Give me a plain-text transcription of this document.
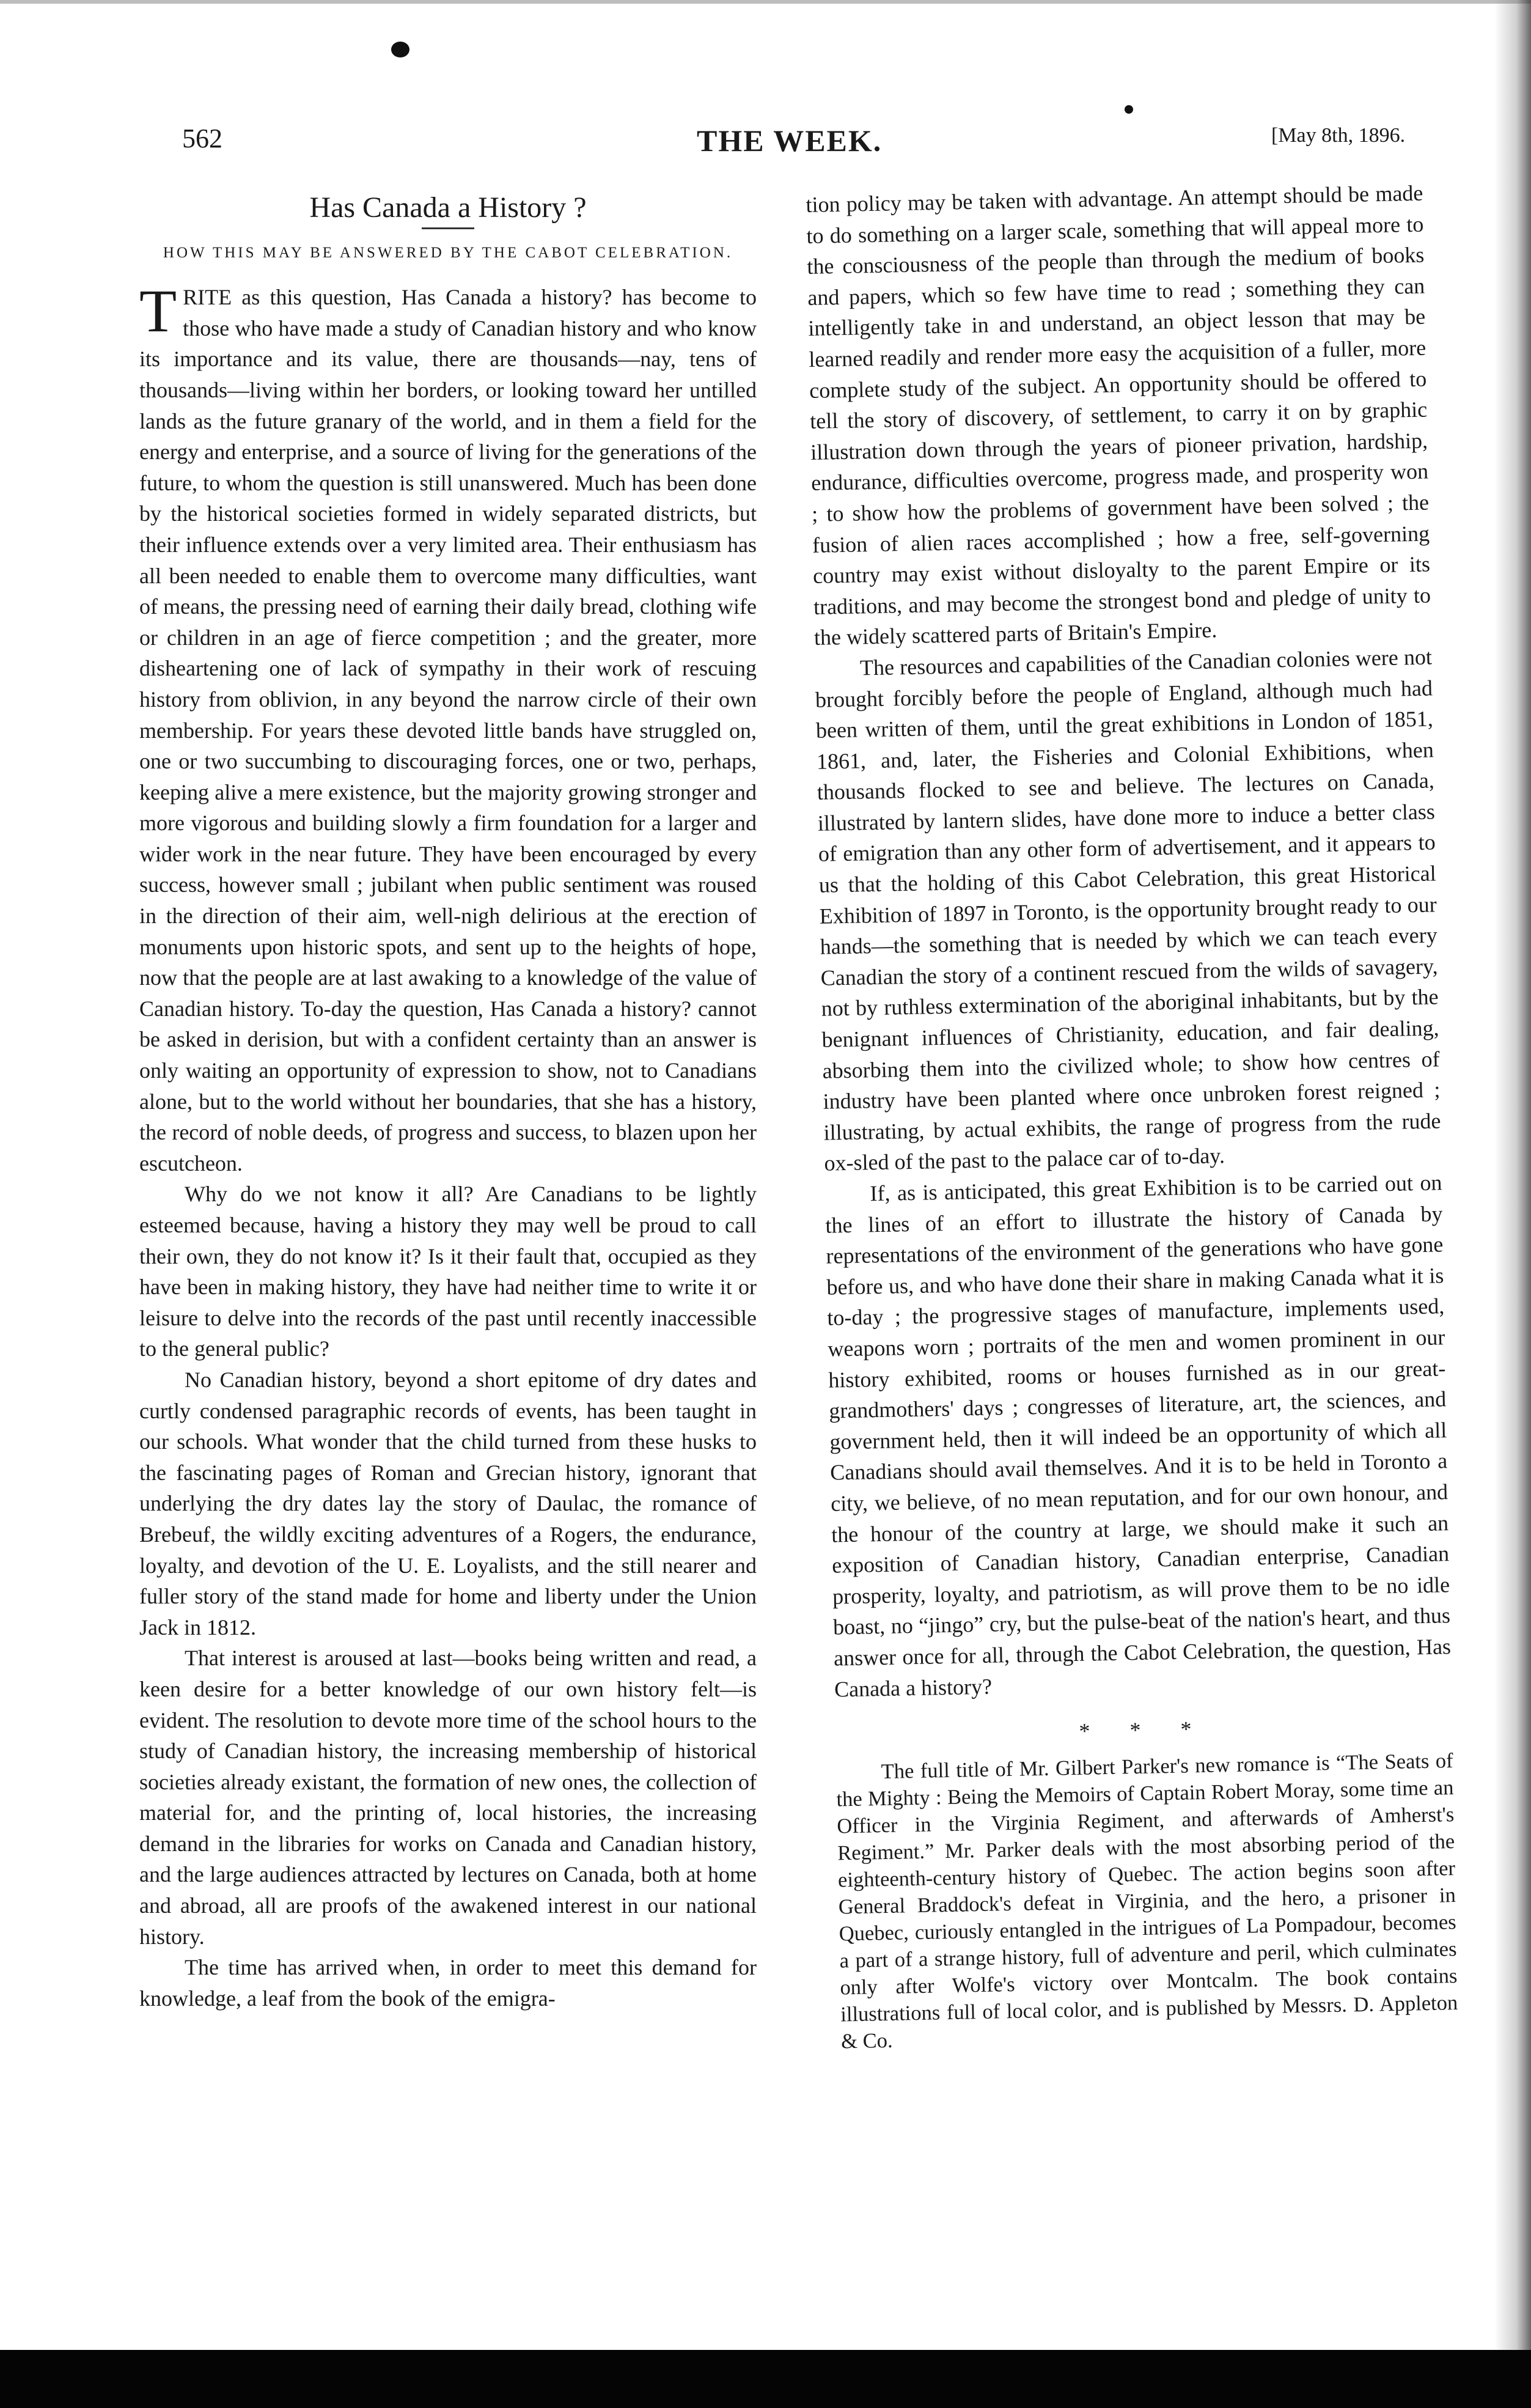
562	THE WEEK.	[May 8th, 1896.

Has Canada a History ?

HOW THIS MAY BE ANSWERED BY THE CABOT CELEBRATION.

TRITE as this question, Has Canada a history? has become to those who have made a study of Canadian history and who know its importance and its value, there are thousands—nay, tens of thousands—living within her borders, or looking toward her untilled lands as the future granary of the world, and in them a field for the energy and enterprise, and a source of living for the generations of the future, to whom the question is still unanswered. Much has been done by the historical societies formed in widely separated districts, but their influence extends over a very limited area. Their enthusiasm has all been needed to enable them to overcome many difficulties, want of means, the pressing need of earning their daily bread, clothing wife or children in an age of fierce competition ; and the greater, more disheartening one of lack of sympathy in their work of rescuing history from oblivion, in any beyond the narrow circle of their own membership. For years these devoted little bands have struggled on, one or two succumbing to discouraging forces, one or two, perhaps, keeping alive a mere existence, but the majority growing stronger and more vigorous and building slowly a firm foundation for a larger and wider work in the near future. They have been encouraged by every success, however small ; jubilant when public sentiment was roused in the direction of their aim, well-nigh delirious at the erection of monuments upon historic spots, and sent up to the heights of hope, now that the people are at last awaking to a knowledge of the value of Canadian history. To-day the question, Has Canada a history? cannot be asked in derision, but with a confident certainty than an answer is only waiting an opportunity of expression to show, not to Canadians alone, but to the world without her boundaries, that she has a history, the record of noble deeds, of progress and success, to blazen upon her escutcheon.

Why do we not know it all? Are Canadians to be lightly esteemed because, having a history they may well be proud to call their own, they do not know it? Is it their fault that, occupied as they have been in making history, they have had neither time to write it or leisure to delve into the records of the past until recently inaccessible to the general public?

No Canadian history, beyond a short epitome of dry dates and curtly condensed paragraphic records of events, has been taught in our schools. What wonder that the child turned from these husks to the fascinating pages of Roman and Grecian history, ignorant that underlying the dry dates lay the story of Daulac, the romance of Brebeuf, the wildly exciting adventures of a Rogers, the endurance, loyalty, and devotion of the U. E. Loyalists, and the still nearer and fuller story of the stand made for home and liberty under the Union Jack in 1812.

That interest is aroused at last—books being written and read, a keen desire for a better knowledge of our own history felt—is evident. The resolution to devote more time of the school hours to the study of Canadian history, the increasing membership of historical societies already existant, the formation of new ones, the collection of material for, and the printing of, local histories, the increasing demand in the libraries for works on Canada and Canadian history, and the large audiences attracted by lectures on Canada, both at home and abroad, all are proofs of the awakened interest in our national history.

The time has arrived when, in order to meet this demand for knowledge, a leaf from the book of the emigra-

tion policy may be taken with advantage. An attempt should be made to do something on a larger scale, something that will appeal more to the consciousness of the people than through the medium of books and papers, which so few have time to read ; something they can intelligently take in and understand, an object lesson that may be learned readily and render more easy the acquisition of a fuller, more complete study of the subject. An opportunity should be offered to tell the story of discovery, of settlement, to carry it on by graphic illustration down through the years of pioneer privation, hardship, endurance, difficulties overcome, progress made, and prosperity won ; to show how the problems of government have been solved ; the fusion of alien races accomplished ; how a free, self-governing country may exist without disloyalty to the parent Empire or its traditions, and may become the strongest bond and pledge of unity to the widely scattered parts of Britain's Empire.

The resources and capabilities of the Canadian colonies were not brought forcibly before the people of England, although much had been written of them, until the great exhibitions in London of 1851, 1861, and, later, the Fisheries and Colonial Exhibitions, when thousands flocked to see and believe. The lectures on Canada, illustrated by lantern slides, have done more to induce a better class of emigration than any other form of advertisement, and it appears to us that the holding of this Cabot Celebration, this great Historical Exhibition of 1897 in Toronto, is the opportunity brought ready to our hands—the something that is needed by which we can teach every Canadian the story of a continent rescued from the wilds of savagery, not by ruthless extermination of the aboriginal inhabitants, but by the benignant influences of Christianity, education, and fair dealing, absorbing them into the civilized whole; to show how centres of industry have been planted where once unbroken forest reigned ; illustrating, by actual exhibits, the range of progress from the rude ox-sled of the past to the palace car of to-day.

If, as is anticipated, this great Exhibition is to be carried out on the lines of an effort to illustrate the history of Canada by representations of the environment of the generations who have gone before us, and who have done their share in making Canada what it is to-day ; the progressive stages of manufacture, implements used, weapons worn ; portraits of the men and women prominent in our history exhibited, rooms or houses furnished as in our great-grandmothers' days ; congresses of literature, art, the sciences, and government held, then it will indeed be an opportunity of which all Canadians should avail themselves. And it is to be held in Toronto a city, we believe, of no mean reputation, and for our own honour, and the honour of the country at large, we should make it such an exposition of Canadian history, Canadian enterprise, Canadian prosperity, loyalty, and patriotism, as will prove them to be no idle boast, no “jingo” cry, but the pulse-beat of the nation's heart, and thus answer once for all, through the Cabot Celebration, the question, Has Canada a history?

* * *

The full title of Mr. Gilbert Parker's new romance is “The Seats of the Mighty : Being the Memoirs of Captain Robert Moray, some time an Officer in the Virginia Regiment, and afterwards of Amherst's Regiment.” Mr. Parker deals with the most absorbing period of the eighteenth-century history of Quebec. The action begins soon after General Braddock's defeat in Virginia, and the hero, a prisoner in Quebec, curiously entangled in the intrigues of La Pompadour, becomes a part of a strange history, full of adventure and peril, which culminates only after Wolfe's victory over Montcalm. The book contains illustrations full of local color, and is published by Messrs. D. Appleton & Co.
